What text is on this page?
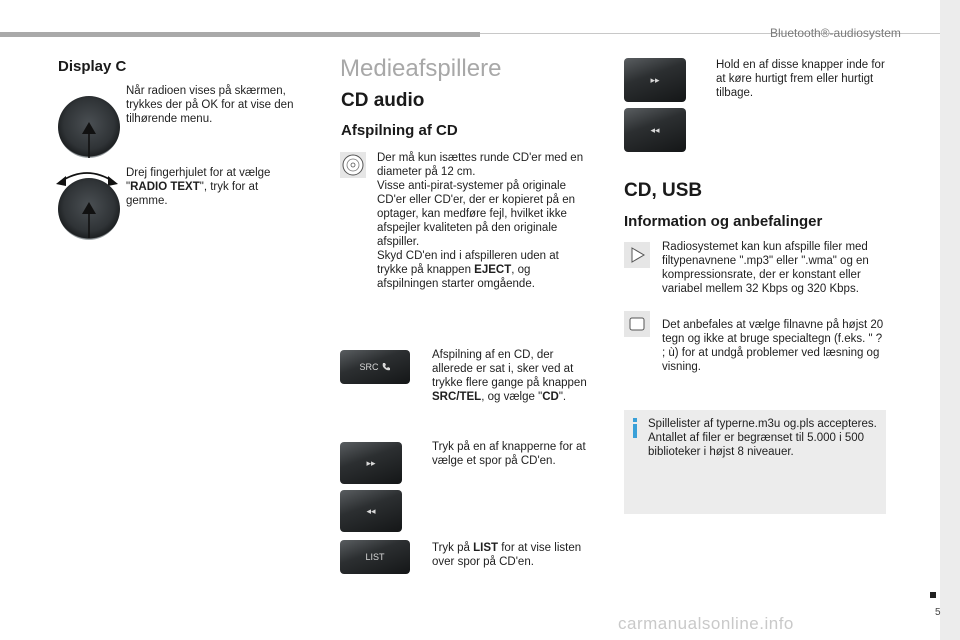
Bluetooth®-audiosystem
Display C
Når radioen vises på skærmen, trykkes der på OK for at vise den tilhørende menu.
Drej fingerhjulet for at vælge "RADIO TEXT", tryk for at gemme.
Medieafspillere
CD audio
Afspilning af CD
Der må kun isættes runde CD'er med en diameter på 12 cm.
Visse anti-pirat-systemer på originale CD'er eller CD'er, der er kopieret på en optager, kan medføre fejl, hvilket ikke afspejler kvaliteten på den originale afspiller.
Skyd CD'en ind i afspilleren uden at trykke på knappen EJECT, og afspilningen starter omgående.
SRC
Afspilning af en CD, der allerede er sat i, sker ved at trykke flere gange på knappen SRC/TEL, og vælge "CD".
▸▸
◂◂
Tryk på en af knapperne for at vælge et spor på CD'en.
LIST
Tryk på LIST for at vise listen over spor på CD'en.
▸▸
◂◂
Hold en af disse knapper inde for at køre hurtigt frem eller hurtigt tilbage.
CD, USB
Information og anbefalinger
Radiosystemet kan kun afspille filer med filtypenavnene ".mp3" eller ".wma" og en kompressionsrate, der er konstant eller variabel mellem 32 Kbps og 320 Kbps.
Det anbefales at vælge filnavne på højst 20 tegn og ikke at bruge specialtegn (f.eks. " ? ; ù) for at undgå problemer ved læsning og visning.
Spillelister af typerne.m3u og.pls accepteres.
Antallet af filer er begrænset til 5.000 i 500 biblioteker i højst 8 niveauer.
5
carmanualsonline.info
